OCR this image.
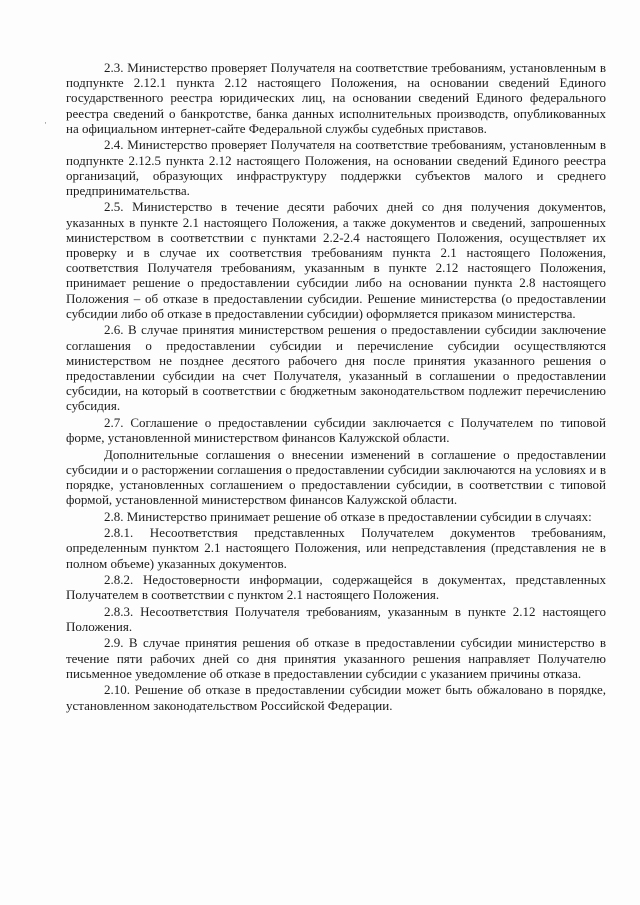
·

2.3. Министерство проверяет Получателя на соответствие требованиям, установленным в подпункте 2.12.1 пункта 2.12 настоящего Положения, на основании сведений Единого государственного реестра юридических лиц, на основании сведений Единого федерального реестра сведений о банкротстве, банка данных исполнительных производств, опубликованных на официальном интернет-сайте Федеральной службы судебных приставов.

2.4. Министерство проверяет Получателя на соответствие требованиям, установленным в подпункте 2.12.5 пункта 2.12 настоящего Положения, на основании сведений Единого реестра организаций, образующих инфраструктуру поддержки субъектов малого и среднего предпринимательства.

2.5. Министерство в течение десяти рабочих дней со дня получения документов, указанных в пункте 2.1 настоящего Положения, а также документов и сведений, запрошенных министерством в соответствии с пунктами 2.2-2.4 настоящего Положения, осуществляет их проверку и в случае их соответствия требованиям пункта 2.1 настоящего Положения, соответствия Получателя требованиям, указанным в пункте 2.12 настоящего Положения, принимает решение о предоставлении субсидии либо на основании пункта 2.8 настоящего Положения – об отказе в предоставлении субсидии. Решение министерства (о предоставлении субсидии либо об отказе в предоставлении субсидии) оформляется приказом министерства.

2.6. В случае принятия министерством решения о предоставлении субсидии заключение соглашения о предоставлении субсидии и перечисление субсидии осуществляются министерством не позднее десятого рабочего дня после принятия указанного решения о предоставлении субсидии на счет Получателя, указанный в соглашении о предоставлении субсидии, на который в соответствии с бюджетным законодательством подлежит перечислению субсидия.

2.7. Соглашение о предоставлении субсидии заключается с Получателем по типовой форме, установленной министерством финансов Калужской области.

Дополнительные соглашения о внесении изменений в соглашение о предоставлении субсидии и о расторжении соглашения о предоставлении субсидии заключаются на условиях и в порядке, установленных соглашением о предоставлении субсидии, в соответствии с типовой формой, установленной министерством финансов Калужской области.

2.8. Министерство принимает решение об отказе в предоставлении субсидии в случаях:

2.8.1. Несоответствия представленных Получателем документов требованиям, определенным пунктом 2.1 настоящего Положения, или непредставления (представления не в полном объеме) указанных документов.

2.8.2. Недостоверности информации, содержащейся в документах, представленных Получателем в соответствии с пунктом 2.1 настоящего Положения.

2.8.3. Несоответствия Получателя требованиям, указанным в пункте 2.12 настоящего Положения.

2.9. В случае принятия решения об отказе в предоставлении субсидии министерство в течение пяти рабочих дней со дня принятия указанного решения направляет Получателю письменное уведомление об отказе в предоставлении субсидии с указанием причины отказа.

2.10. Решение об отказе в предоставлении субсидии может быть обжаловано в порядке, установленном законодательством Российской Федерации.
